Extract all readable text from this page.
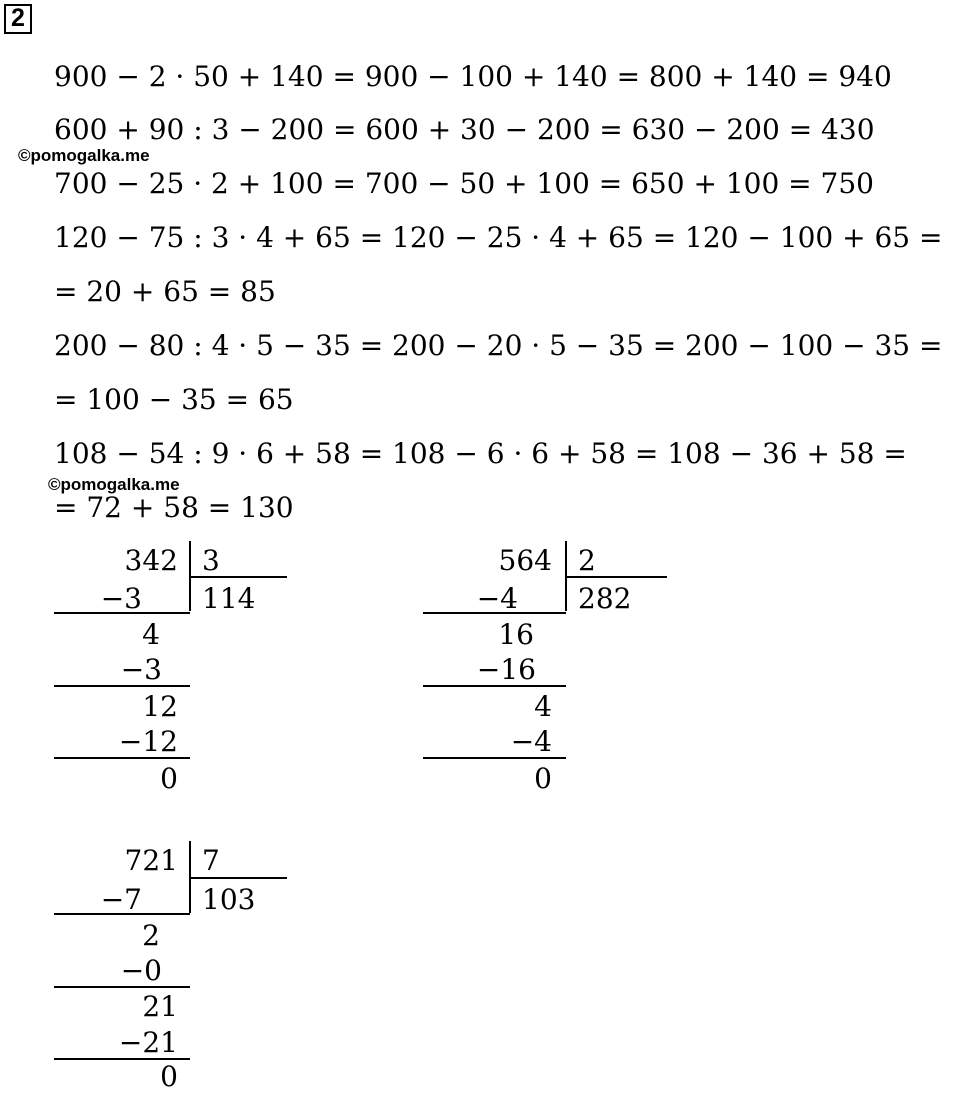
2
900 − 2 · 50 + 140 = 900 − 100 + 140 = 800 + 140 = 940
600 + 90 : 3 − 200 = 600 + 30 − 200 = 630 − 200 = 430
700 − 25 · 2 + 100 = 700 − 50 + 100 = 650 + 100 = 750
120 − 75 : 3 · 4 + 65 = 120 − 25 · 4 + 65 = 120 − 100 + 65 =
= 20 + 65 = 85
200 − 80 : 4 · 5 − 35 = 200 − 20 · 5 − 35 = 200 − 100 − 35 =
= 100 − 35 = 65
108 − 54 : 9 · 6 + 58 = 108 − 6 · 6 + 58 = 108 − 36 + 58 =
= 72 + 58 = 130
©pomogalka.me
©pomogalka.me
342 3
114
−3
4
−3
12
−12
0
564 2
282
−4
16
−16
4
−4
0
721 7
103
−7
2
−0
21
−21
0
